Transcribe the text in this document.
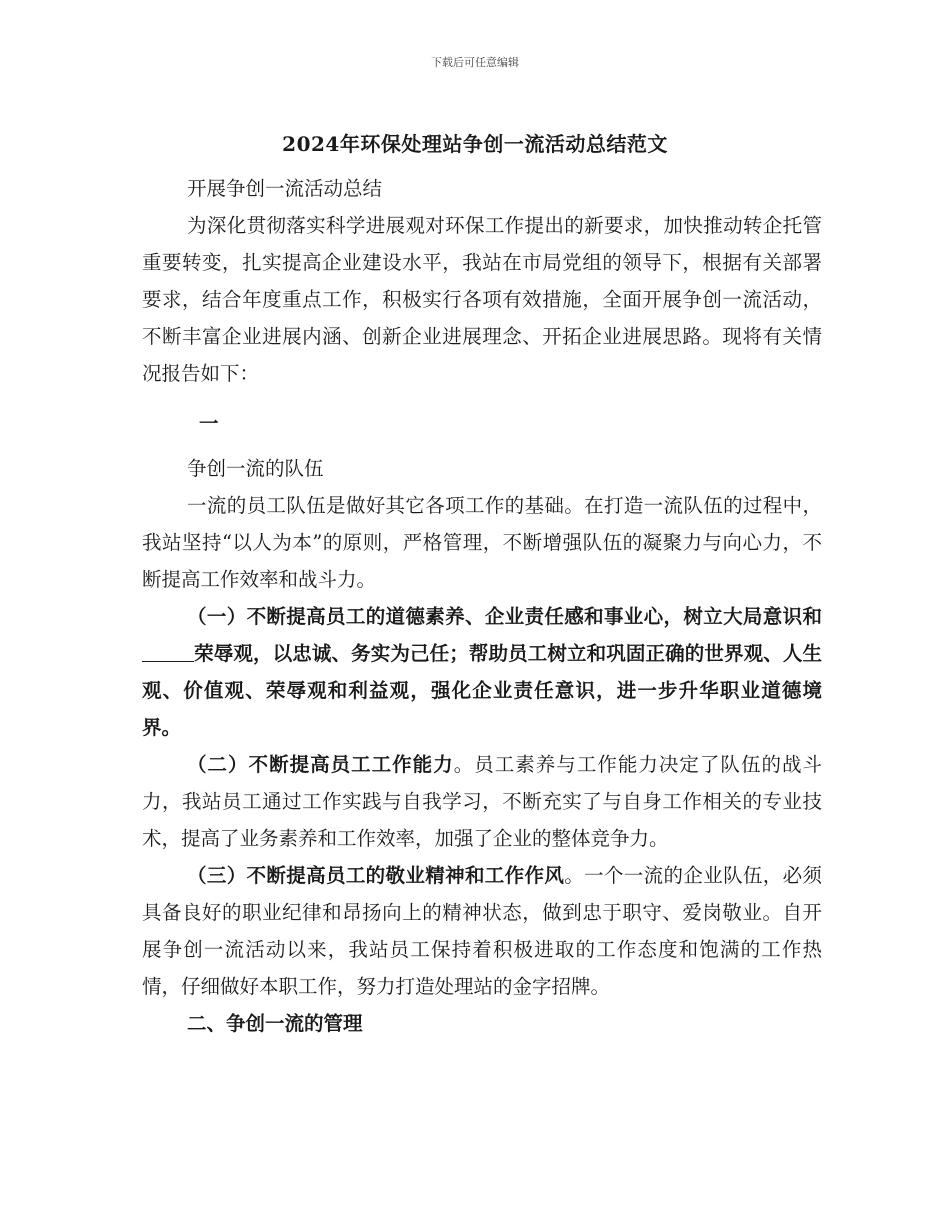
下载后可任意编辑
2024年环保处理站争创一流活动总结范文

开展争创一流活动总结

为深化贯彻落实科学进展观对环保工作提出的新要求，加快推动转企托管重要转变，扎实提高企业建设水平，我站在市局党组的领导下，根据有关部署要求，结合年度重点工作，积极实行各项有效措施，全面开展争创一流活动，不断丰富企业进展内涵、创新企业进展理念、开拓企业进展思路。现将有关情况报告如下：

一

争创一流的队伍

一流的员工队伍是做好其它各项工作的基础。在打造一流队伍的过程中，我站坚持“以人为本”的原则，严格管理，不断增强队伍的凝聚力与向心力，不断提高工作效率和战斗力。

（一）不断提高员工的道德素养、企业责任感和事业心，树立大局意识和荣辱观，以忠诚、务实为己任；帮助员工树立和巩固正确的世界观、人生观、价值观、荣辱观和利益观，强化企业责任意识，进一步升华职业道德境界。

（二）不断提高员工工作能力。员工素养与工作能力决定了队伍的战斗力，我站员工通过工作实践与自我学习，不断充实了与自身工作相关的专业技术，提高了业务素养和工作效率，加强了企业的整体竞争力。

（三）不断提高员工的敬业精神和工作作风。一个一流的企业队伍，必须具备良好的职业纪律和昂扬向上的精神状态，做到忠于职守、爱岗敬业。自开展争创一流活动以来，我站员工保持着积极进取的工作态度和饱满的工作热情，仔细做好本职工作，努力打造处理站的金字招牌。

二、争创一流的管理
